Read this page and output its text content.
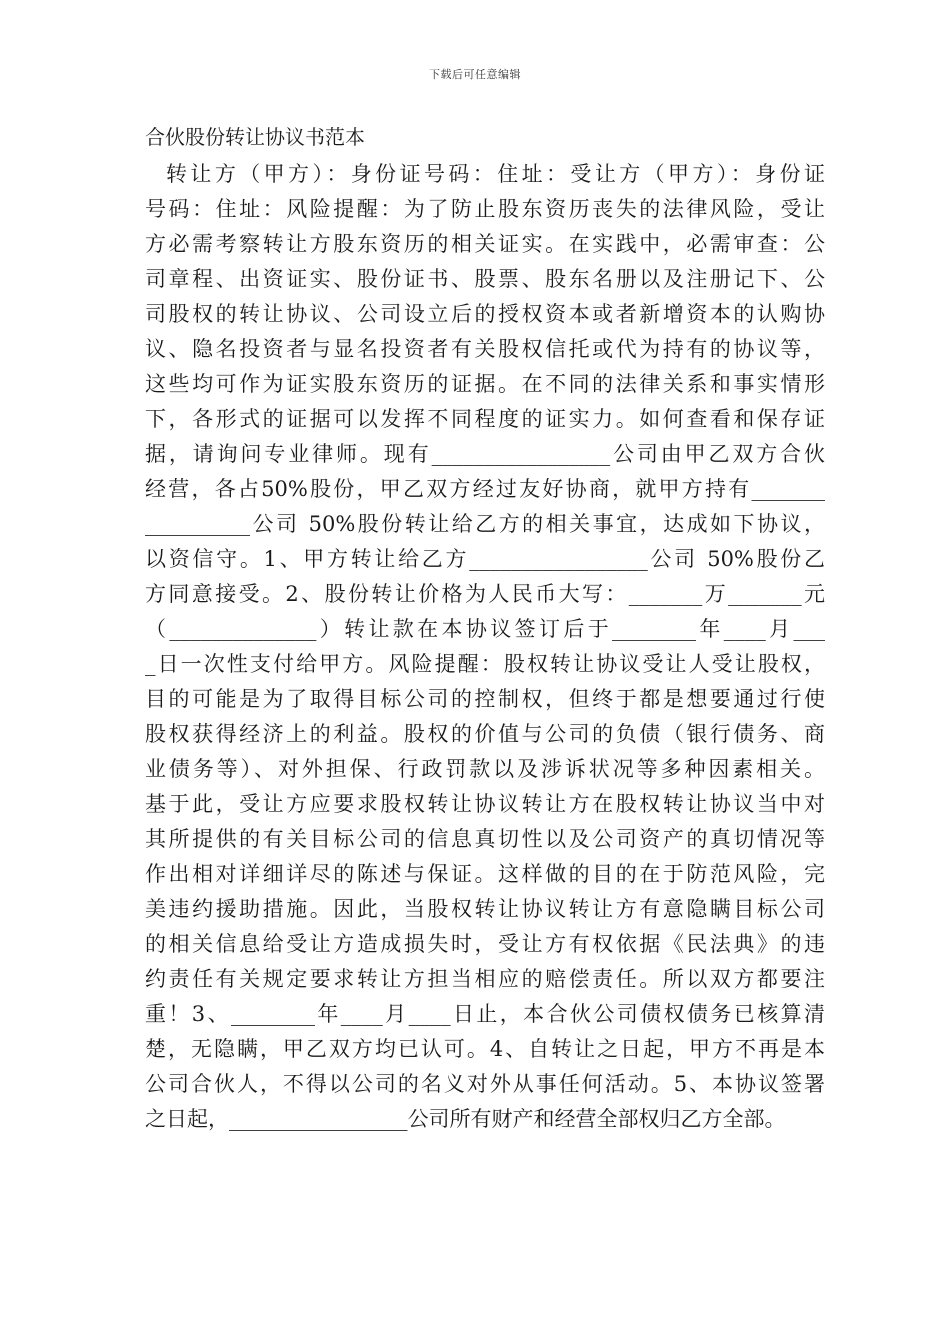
下载后可任意编辑
合伙股份转让协议书范本
转让方（甲方）：身份证号码：住址：受让方（甲方）：身份证
号码：住址：风险提醒：为了防止股东资历丧失的法律风险，受让
方必需考察转让方股东资历的相关证实。在实践中，必需审查：公
司章程、出资证实、股份证书、股票、股东名册以及注册记下、公
司股权的转让协议、公司设立后的授权资本或者新增资本的认购协
议、隐名投资者与显名投资者有关股权信托或代为持有的协议等，
这些均可作为证实股东资历的证据。在不同的法律关系和事实情形
下，各形式的证据可以发挥不同程度的证实力。如何查看和保存证
据，请询问专业律师。现有_________________公司由甲乙双方合伙
经营，各占50%股份，甲乙双方经过友好协商，就甲方持有_______
__________公司 50%股份转让给乙方的相关事宜，达成如下协议，
以资信守。1、甲方转让给乙方_________________公司 50%股份乙
方同意接受。2、股份转让价格为人民币大写：_______万_______元
（______________）转让款在本协议签订后于________年____月___
_日一次性支付给甲方。风险提醒：股权转让协议受让人受让股权，
目的可能是为了取得目标公司的控制权，但终于都是想要通过行使
股权获得经济上的利益。股权的价值与公司的负债（银行债务、商
业债务等）、对外担保、行政罚款以及涉诉状况等多种因素相关。
基于此，受让方应要求股权转让协议转让方在股权转让协议当中对
其所提供的有关目标公司的信息真切性以及公司资产的真切情况等
作出相对详细详尽的陈述与保证。这样做的目的在于防范风险，完
美违约援助措施。因此，当股权转让协议转让方有意隐瞒目标公司
的相关信息给受让方造成损失时，受让方有权依据《民法典》的违
约责任有关规定要求转让方担当相应的赔偿责任。所以双方都要注
重！3、________年____月____日止，本合伙公司债权债务已核算清
楚，无隐瞒，甲乙双方均已认可。4、自转让之日起，甲方不再是本
公司合伙人，不得以公司的名义对外从事任何活动。5、本协议签署
之日起，_________________公司所有财产和经营全部权归乙方全部。
